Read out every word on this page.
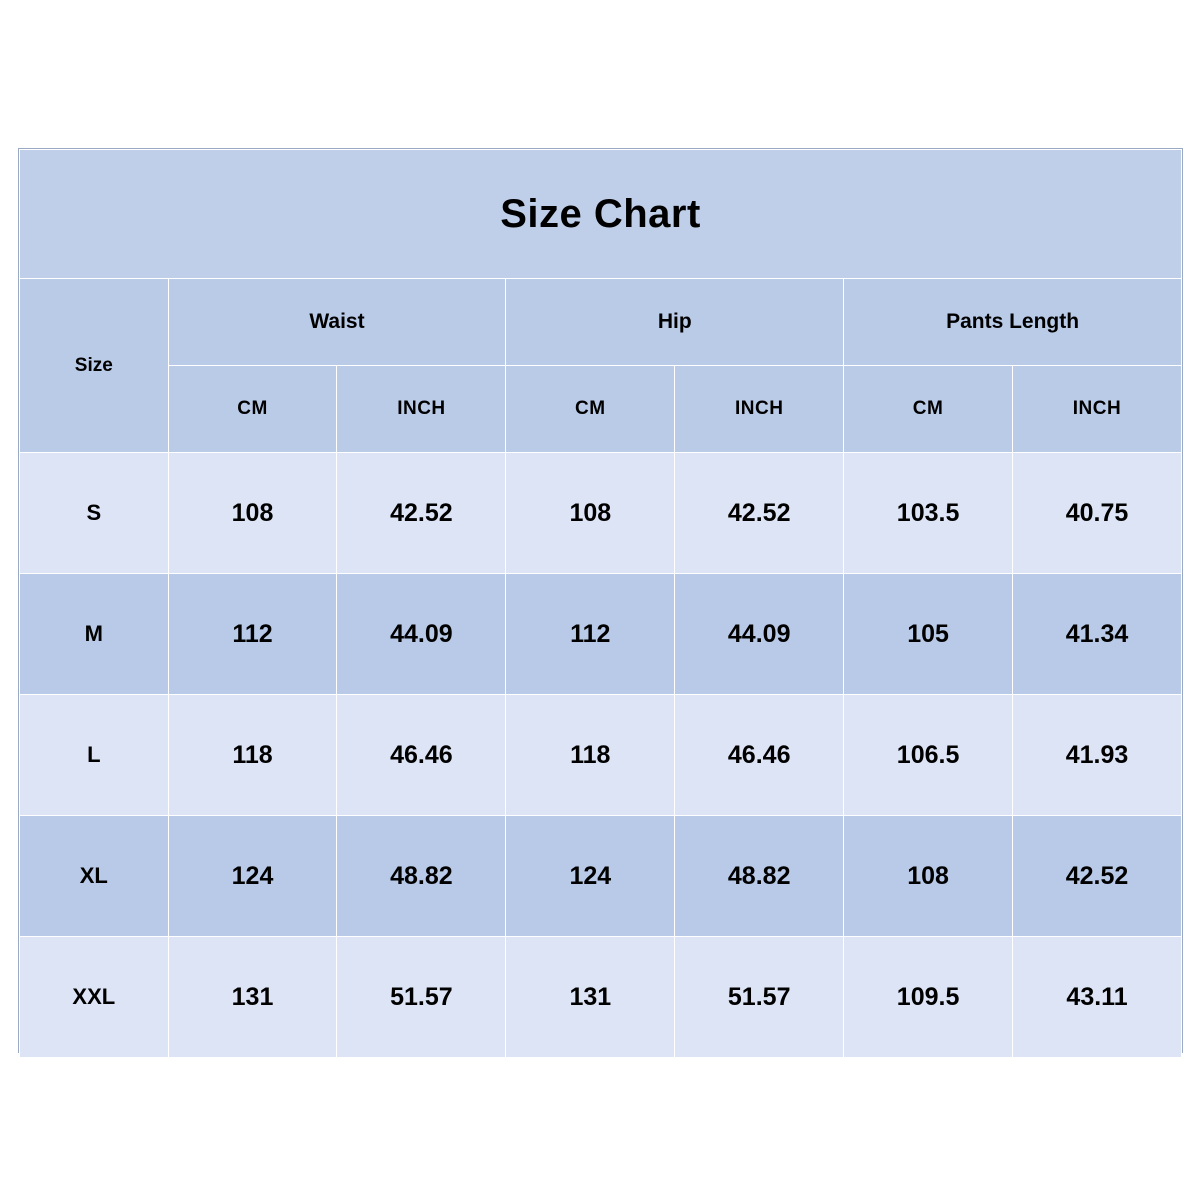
Size Chart						
Size	Waist		Hip		Pants Length	
	CM	INCH	CM	INCH	CM	INCH
S	108	42.52	108	42.52	103.5	40.75
M	112	44.09	112	44.09	105	41.34
L	118	46.46	118	46.46	106.5	41.93
XL	124	48.82	124	48.82	108	42.52
XXL	131	51.57	131	51.57	109.5	43.11
